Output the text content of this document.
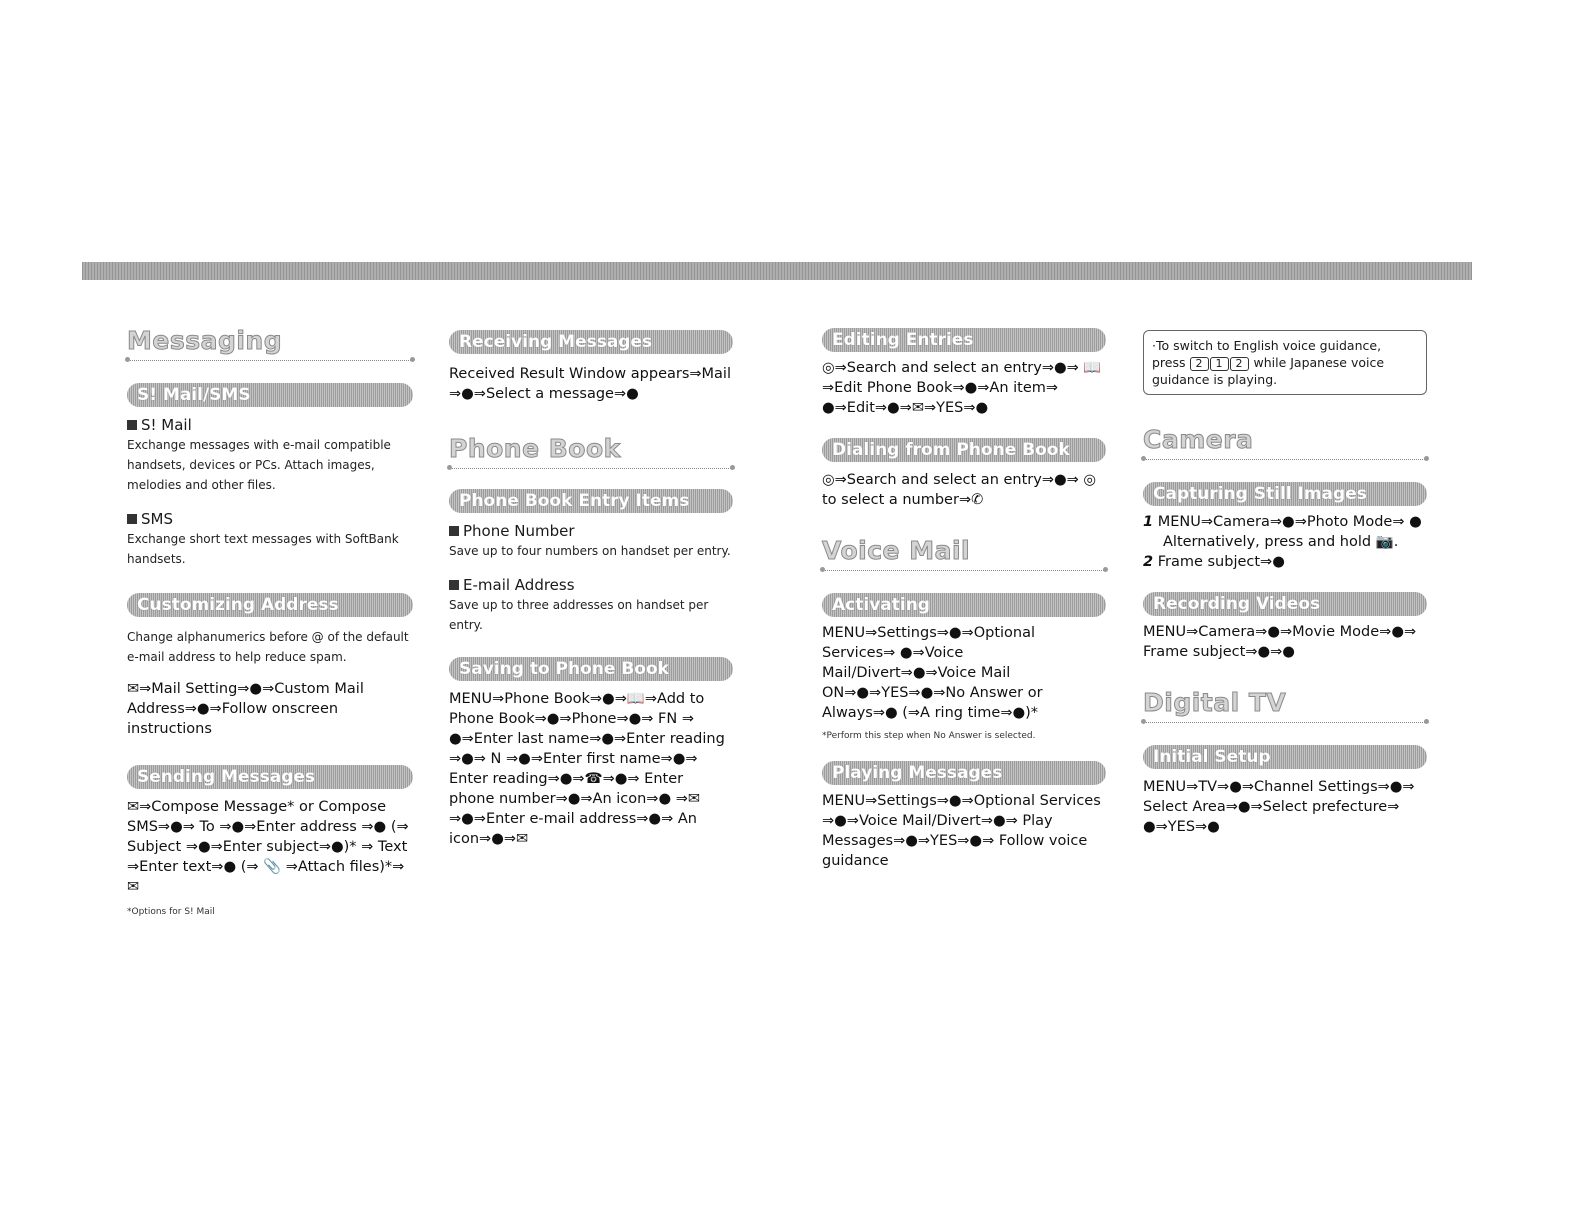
Messaging
S! Mail/SMS

S! Mail

Exchange messages with e-mail compatible handsets, devices or PCs. Attach images, melodies and other files.

SMS

Exchange short text messages with SoftBank handsets.

Customizing Address

Change alphanumerics before @ of the default e-mail address to help reduce spam.

✉⇒Mail Setting⇒●⇒Custom Mail Address⇒●⇒Follow onscreen instructions

Sending Messages

✉⇒Compose Message* or Compose SMS⇒●⇒ To ⇒●⇒Enter address ⇒● (⇒ Subject ⇒●⇒Enter subject⇒●)* ⇒ Text ⇒Enter text⇒● (⇒ 📎 ⇒Attach files)*⇒✉

*Options for S! Mail

Receiving Messages

Received Result Window appears⇒Mail ⇒●⇒Select a message⇒●

Phone Book
Phone Book Entry Items

Phone Number

Save up to four numbers on handset per entry.

E-mail Address

Save up to three addresses on handset per entry.

Saving to Phone Book

MENU⇒Phone Book⇒●⇒📖⇒Add to Phone Book⇒●⇒Phone⇒●⇒ FN ⇒ ●⇒Enter last name⇒●⇒Enter reading ⇒●⇒ N ⇒●⇒Enter first name⇒●⇒ Enter reading⇒●⇒☎⇒●⇒ Enter phone number⇒●⇒An icon⇒● ⇒✉⇒●⇒Enter e-mail address⇒●⇒ An icon⇒●⇒✉

Editing Entries

◎⇒Search and select an entry⇒●⇒ 📖⇒Edit Phone Book⇒●⇒An item⇒ ●⇒Edit⇒●⇒✉⇒YES⇒●

Dialing from Phone Book

◎⇒Search and select an entry⇒●⇒ ◎ to select a number⇒✆

Voice Mail
Activating

MENU⇒Settings⇒●⇒Optional Services⇒ ●⇒Voice Mail/Divert⇒●⇒Voice Mail ON⇒●⇒YES⇒●⇒No Answer or Always⇒● (⇒A ring time⇒●)*

*Perform this step when No Answer is selected.

Playing Messages

MENU⇒Settings⇒●⇒Optional Services ⇒●⇒Voice Mail/Divert⇒●⇒ Play Messages⇒●⇒YES⇒●⇒ Follow voice guidance

·To switch to English voice guidance, press 2 1 2 while Japanese voice guidance is playing.
Camera
Capturing Still Images

1 MENU⇒Camera⇒●⇒Photo Mode⇒ ●

Alternatively, press and hold 📷.

2 Frame subject⇒●

Recording Videos

MENU⇒Camera⇒●⇒Movie Mode⇒●⇒ Frame subject⇒●⇒●

Digital TV
Initial Setup

MENU⇒TV⇒●⇒Channel Settings⇒●⇒ Select Area⇒●⇒Select prefecture⇒ ●⇒YES⇒●
